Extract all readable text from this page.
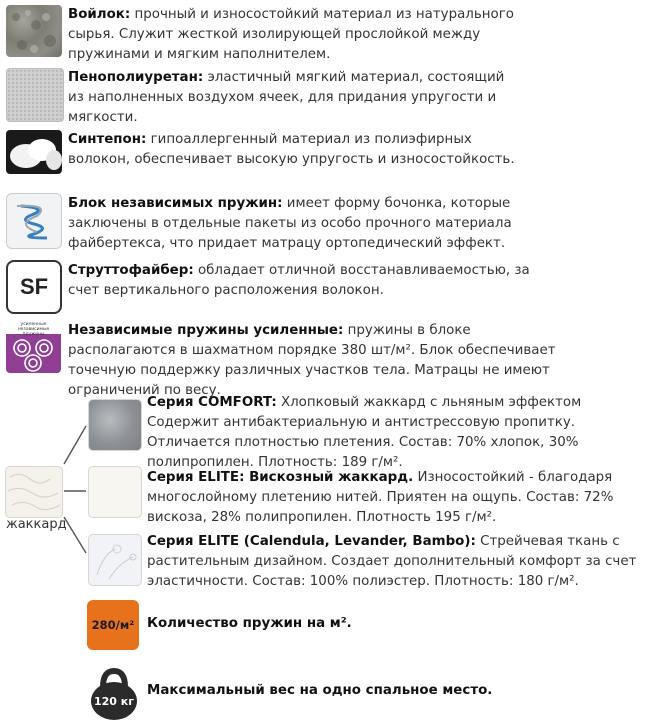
Войлок: прочный и износостойкий материал из натурального
сырья. Служит жесткой изолирующей прослойкой между
пружинами и мягким наполнителем.
Пенополиуретан: эластичный мягкий материал, состоящий
из наполненных воздухом ячеек, для придания упругости и
мягкости.
Синтепон: гипоаллергенный материал из полиэфирных
волокон, обеспечивает высокую упругость и износостойкость.
Блок независимых пружин: имеет форму бочонка, которые
заключены в отдельные пакеты из особо прочного материала
файбертекса, что придает матрацу ортопедический эффект.
SF
Струттофайбер: обладает отличной восстанавливаемостью, за
счет вертикального расположения волокон.
усиленные независимые пружины	Независимые пружины усиленные: пружины в блоке
располагаются в шахматном порядке 380 шт/м². Блок обеспечивает
точечную поддержку различных участков тела. Матрацы не имеют
ограничений по весу.
жаккард
Серия COMFORT: Хлопковый жаккард с льняным эффектом
Содержит антибактериальную и антистрессовую пропитку.
Отличается плотностью плетения. Состав: 70% хлопок, 30%
полипропилен. Плотность: 189 г/м².
Серия ELITE: Вискозный жаккард. Износостойкий - благодаря
многослойному плетению нитей. Приятен на ощупь. Состав: 72%
вискоза, 28% полипропилен. Плотность 195 г/м².
Серия ELITE (Calendula, Levander, Bambo): Стрейчевая ткань с
растительным дизайном. Создает дополнительный комфорт за счет
эластичности. Состав: 100% полиэстер. Плотность: 180 г/м².
280/м² Количество пружин на м².
120 кг
Максимальный вес на одно спальное место.
